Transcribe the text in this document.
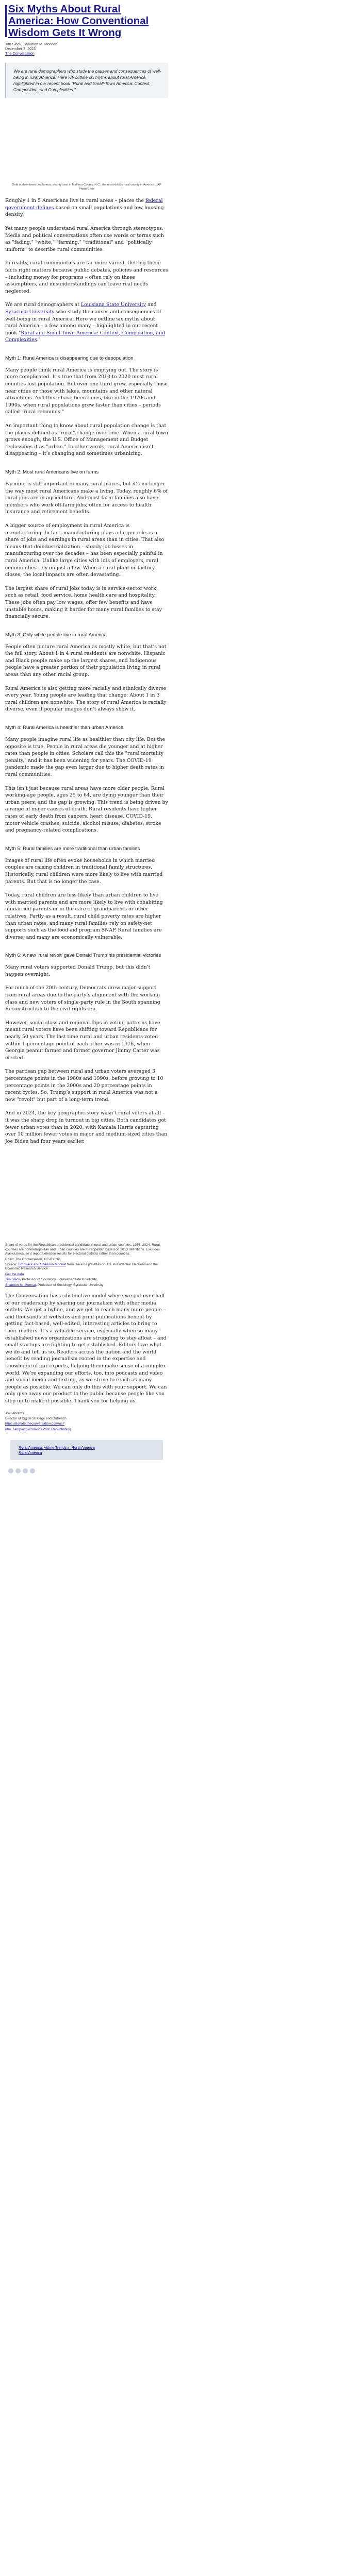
Six Myths About Rural America: How Conventional Wisdom Gets It Wrong
Tim Slack, Shannon M. Monnat
December 3, 2023
The Conversation
We are rural demographers who study the causes and consequences of well-being in rural America. Here we outline six myths about rural America highlighted in our recent book "Rural and Small-Town America: Context, Composition, and Complexities."
Debt in downtown Leaflaness, county seat in Malheur County, N.C., the most-thickly rural county in America. | AP Photo/Ernie

Roughly 1 in 5 Americans live in rural areas – places the federal government defines based on small populations and low housing density.

Yet many people understand rural America through stereotypes. Media and political conversations often use words or terms such as "fading," "white," "farming," "traditional" and "politically uniform" to describe rural communities.

In reality, rural communities are far more varied. Getting these facts right matters because public debates, policies and resources – including money for programs – often rely on these assumptions, and misunderstandings can leave real needs neglected.

We are rural demographers at Louisiana State University and Syracuse University who study the causes and consequences of well-being in rural America. Here we outline six myths about rural America – a few among many – highlighted in our recent book "Rural and Small-Town America: Context, Composition, and Complexities."

Myth 1: Rural America is disappearing due to depopulation

Many people think rural America is emptying out. The story is more complicated. It’s true that from 2010 to 2020 most rural counties lost population. But over one-third grew, especially those near cities or those with lakes, mountains and other natural attractions. And there have been times, like in the 1970s and 1990s, when rural populations grew faster than cities – periods called "rural rebounds."

An important thing to know about rural population change is that the places defined as "rural" change over time. When a rural town grows enough, the U.S. Office of Management and Budget reclassifies it as "urban." In other words, rural America isn’t disappearing – it’s changing and sometimes urbanizing.

Myth 2: Most rural Americans live on farms

Farming is still important in many rural places, but it’s no longer the way most rural Americans make a living. Today, roughly 6% of rural jobs are in agriculture. And most farm families also have members who work off-farm jobs, often for access to health insurance and retirement benefits.

A bigger source of employment in rural America is manufacturing. In fact, manufacturing plays a larger role as a share of jobs and earnings in rural areas than in cities. That also means that deindustrialization – steady job losses in manufacturing over the decades – has been especially painful in rural America. Unlike large cities with lots of employers, rural communities rely on just a few. When a rural plant or factory closes, the local impacts are often devastating.

The largest share of rural jobs today is in service-sector work, such as retail, food service, home health care and hospitality. These jobs often pay low wages, offer few benefits and have unstable hours, making it harder for many rural families to stay financially secure.

Myth 3: Only white people live in rural America

People often picture rural America as mostly white, but that’s not the full story. About 1 in 4 rural residents are nonwhite. Hispanic and Black people make up the largest shares, and Indigenous people have a greater portion of their population living in rural areas than any other racial group.

Rural America is also getting more racially and ethnically diverse every year. Young people are leading that change: About 1 in 3 rural children are nonwhite. The story of rural America is racially diverse, even if popular images don’t always show it.

Myth 4: Rural America is healthier than urban America

Many people imagine rural life as healthier than city life. But the opposite is true. People in rural areas die younger and at higher rates than people in cities. Scholars call this the "rural mortality penalty," and it has been widening for years. The COVID-19 pandemic made the gap even larger due to higher death rates in rural communities.

This isn’t just because rural areas have more older people. Rural working-age people, ages 25 to 64, are dying younger than their urban peers, and the gap is growing. This trend is being driven by a range of major causes of death. Rural residents have higher rates of early death from cancers, heart disease, COVID-19, motor vehicle crashes, suicide, alcohol misuse, diabetes, stroke and pregnancy-related complications.

Myth 5: Rural families are more traditional than urban families

Images of rural life often evoke households in which married couples are raising children in traditional family structures. Historically, rural children were more likely to live with married parents. But that is no longer the case.

Today, rural children are less likely than urban children to live with married parents and are more likely to live with cohabiting unmarried parents or in the care of grandparents or other relatives. Partly as a result, rural child poverty rates are higher than urban rates, and many rural families rely on safety-net supports such as the food aid program SNAP. Rural families are diverse, and many are economically vulnerable.

Myth 6: A new 'rural revolt' gave Donald Trump his presidential victories

Many rural voters supported Donald Trump, but this didn’t happen overnight.

For much of the 20th century, Democrats drew major support from rural areas due to the party’s alignment with the working class and new voters of single-party rule in the South spanning Reconstruction to the civil rights era.

However, social class and regional flips in voting patterns have meant rural voters have been shifting toward Republicans for nearly 50 years. The last time rural and urban residents voted within 1 percentage point of each other was in 1976, when Georgia peanut farmer and former governor Jimmy Carter was elected.

The partisan gap between rural and urban voters averaged 3 percentage points in the 1980s and 1990s, before growing to 10 percentage points in the 2000s and 20 percentage points in recent cycles. So, Trump’s support in rural America was not a new "revolt" but part of a long-term trend.

And in 2024, the key geographic story wasn’t rural voters at all – it was the sharp drop in turnout in big cities. Both candidates got fewer urban votes than in 2020, with Kamala Harris capturing over 10 million fewer votes in major and medium-sized cities than Joe Biden had four years earlier.

Share of votes for the Republican presidential candidate in rural and urban counties, 1976–2024. Rural counties are nonmetropolitan and urban counties are metropolitan based on 2013 definitions. Excludes Alaska because it reports election results for electoral districts rather than counties.
Chart: The Conversation, CC-BY-ND
Source: Tim Slack and Shannon Monnat from Dave Leip’s Atlas of U.S. Presidential Elections and the Economic Research Service
Get the data
Tim Slack, Professor of Sociology, Louisiana State University
Shannon M. Monnat, Professor of Sociology, Syracuse University

The Conversation has a distinctive model where we put over half of our readership by sharing our journalism with other media outlets. We get a byline, and we get to reach many more people – and thousands of websites and print publications benefit by getting fact-based, well-edited, interesting articles to bring to their readers. It’s a valuable service, especially when so many established news organizations are struggling to stay afloat – and small startups are fighting to get established. Editors love what we do and tell us so. Readers across the nation and the world benefit by reading journalism rooted in the expertise and knowledge of our experts, helping them make sense of a complex world. We’re expanding our efforts, too, into podcasts and video and social media and texting, as we strive to reach as many people as possible. We can only do this with your support. We can only give away our product to the public because people like you step up to make it possible. Thank you for helping us.

Joel Abrams
Director of Digital Strategy and Outreach
https://donate.theconversation.com/us?
utm_campaign=ConvPrePost_Republishing
Rural America: Voting Trends in Rural America
Rural America
